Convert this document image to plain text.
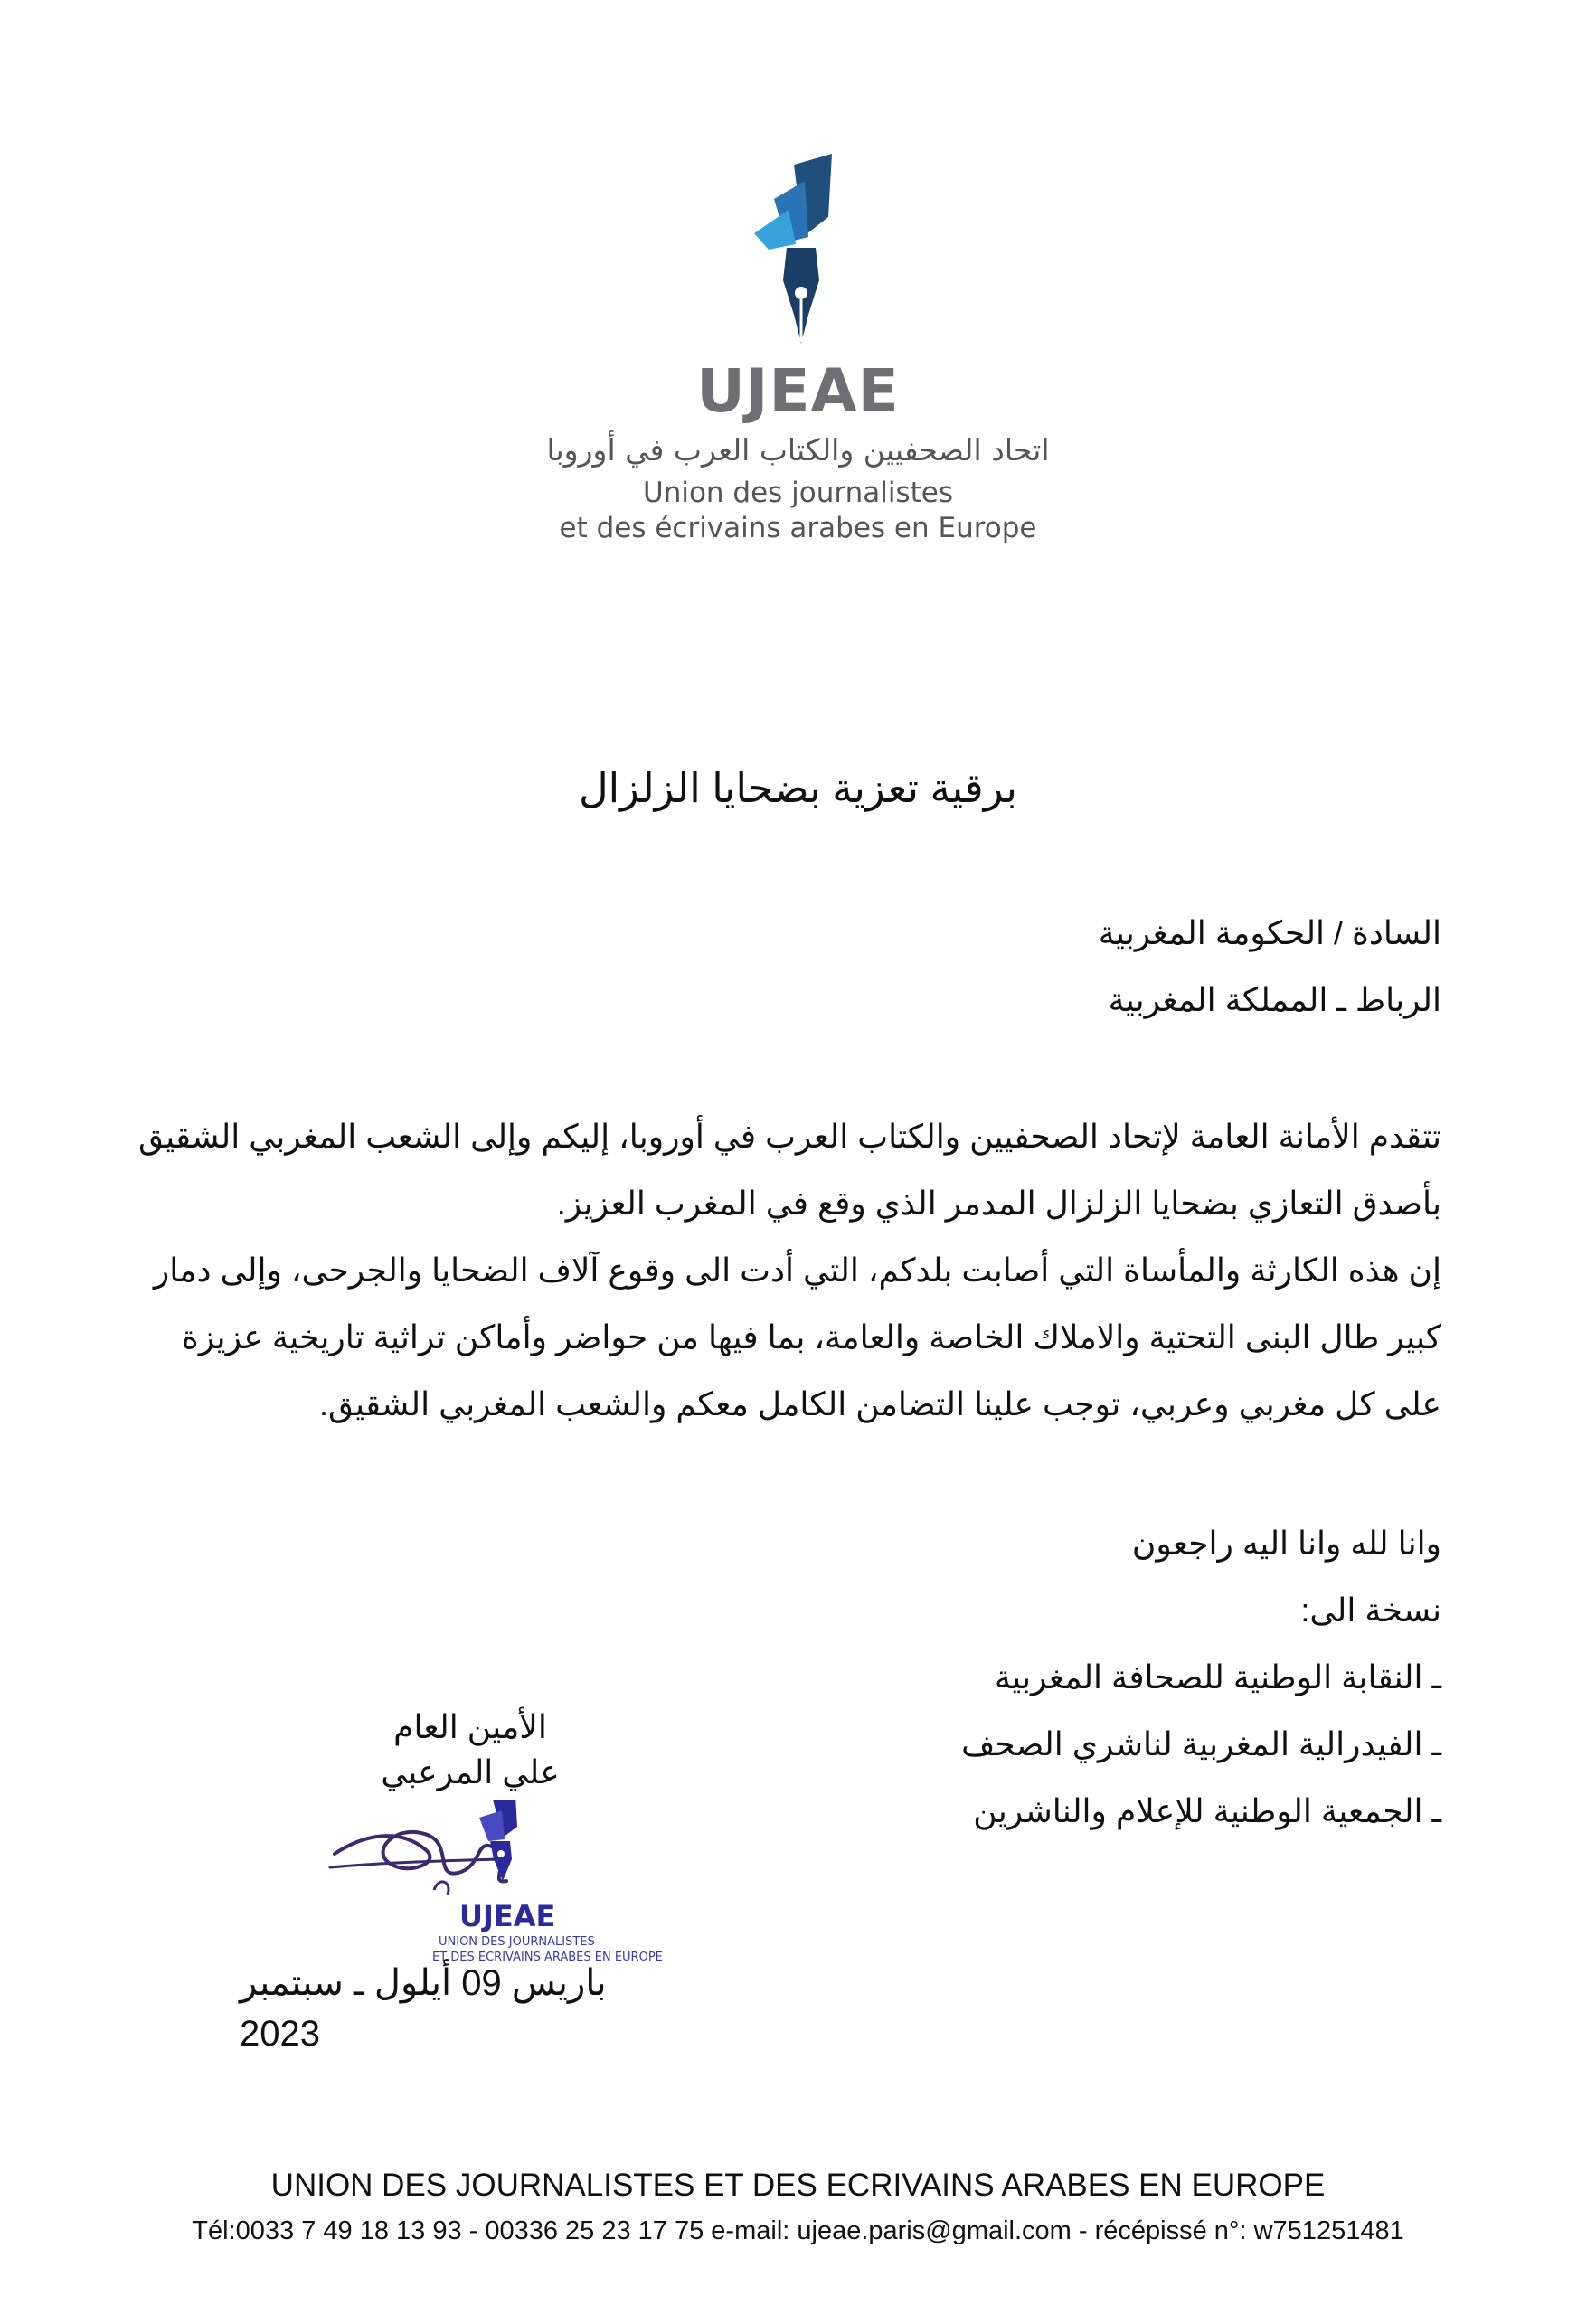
UJEAE
اتحاد الصحفيين والكتاب العرب في أوروبا
Union des journalistes
et des écrivains arabes en Europe
برقية تعزية بضحايا الزلزال
السادة / الحكومة المغربية
الرباط ـ المملكة المغربية
تتقدم الأمانة العامة لإتحاد الصحفيين والكتاب العرب في أوروبا، إليكم وإلى الشعب المغربي الشقيق
بأصدق التعازي بضحايا الزلزال المدمر الذي وقع في المغرب العزيز.
إن هذه الكارثة والمأساة التي أصابت بلدكم، التي أدت الى وقوع آلاف الضحايا والجرحى، وإلى دمار
كبير طال البنى التحتية والاملاك الخاصة والعامة، بما فيها من حواضر وأماكن تراثية تاريخية عزيزة
على كل مغربي وعربي، توجب علينا التضامن الكامل معكم والشعب المغربي الشقيق.
وانا لله وانا اليه راجعون
نسخة الى:
ـ النقابة الوطنية للصحافة المغربية
ـ الفيدرالية المغربية لناشري الصحف
ـ الجمعية الوطنية للإعلام والناشرين
الأمين العام
علي المرعبي
UJEAE
UNION DES JOURNALISTES
ET DES ECRIVAINS ARABES EN EUROPE
باريس 09 أيلول ـ سبتمبر 2023
UNION DES JOURNALISTES ET DES ECRIVAINS ARABES EN EUROPE
Tél:0033 7 49 18 13 93 - 00336 25 23 17 75 e-mail: ujeae.paris@gmail.com - récépissé n°: w751251481
